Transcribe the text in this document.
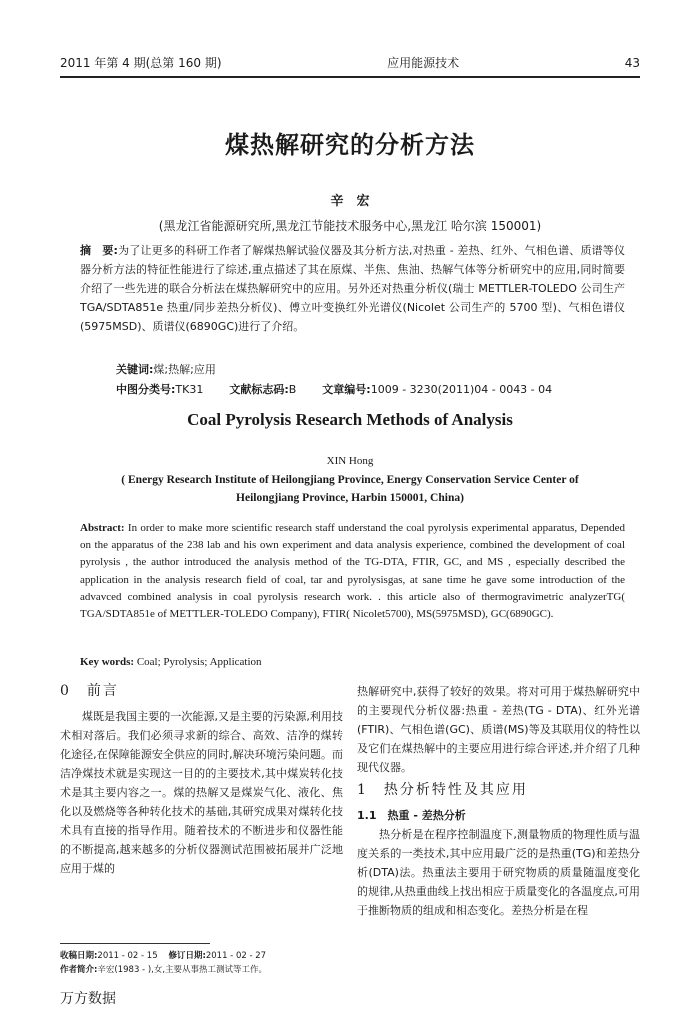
2011 年第 4 期(总第 160 期)	应用能源技术	43
煤热解研究的分析方法
辛　宏
(黑龙江省能源研究所,黑龙江节能技术服务中心,黑龙江 哈尔滨 150001)
摘　要:为了让更多的科研工作者了解煤热解试验仪器及其分析方法,对热重 - 差热、红外、气相色谱、质谱等仪器分析方法的特征性能进行了综述,重点描述了其在原煤、半焦、焦油、热解气体等分析研究中的应用,同时简要介绍了一些先进的联合分析法在煤热解研究中的应用。另外还对热重分析仪(瑞士 METTLER-TOLEDO 公司生产 TGA/SDTA851e 热重/同步差热分析仪)、傅立叶变换红外光谱仪(Nicolet 公司生产的 5700 型)、气相色谱仪(5975MSD)、质谱仪(6890GC)进行了介绍。
关键词:煤;热解;应用
中图分类号:TK31 文献标志码:B 文章编号:1009 - 3230(2011)04 - 0043 - 04
Coal Pyrolysis Research Methods of Analysis
XIN Hong
( Energy Research Institute of Heilongjiang Province, Energy Conservation Service Center of Heilongjiang Province, Harbin 150001, China)
Abstract: In order to make more scientific research staff understand the coal pyrolysis experimental apparatus, Depended on the apparatus of the 238 lab and his own experiment and data analysis experience, combined the development of coal pyrolysis , the author introduced the analysis method of the TG-DTA, FTIR, GC, and MS , especially described the application in the analysis research field of coal, tar and pyrolysisgas, at sane time he gave some introduction of the advavced combined analysis in coal pyrolysis research work. . this article also of thermogravimetric analyzerTG( TGA/SDTA851e of METTLER-TOLEDO Company), FTIR( Nicolet5700), MS(5975MSD), GC(6890GC).
Key words: Coal; Pyrolysis; Application
0　前言

煤既是我国主要的一次能源,又是主要的污染源,利用技术相对落后。我们必须寻求新的综合、高效、洁净的煤转化途径,在保障能源安全供应的同时,解决环境污染问题。而洁净煤技术就是实现这一目的的主要技术,其中煤炭转化技术是其主要内容之一。煤的热解又是煤炭气化、液化、焦化以及燃烧等各种转化技术的基础,其研究成果对煤转化技术具有直接的指导作用。随着技术的不断进步和仪器性能的不断提高,越来越多的分析仪器测试范围被拓展并广泛地应用于煤的

热解研究中,获得了较好的效果。将对可用于煤热解研究中的主要现代分析仪器:热重 - 差热(TG - DTA)、红外光谱(FTIR)、气相色谱(GC)、质谱(MS)等及其联用仪的特性以及它们在煤热解中的主要应用进行综合评述,并介绍了几种现代仪器。

1　热分析特性及其应用
1.1　热重 - 差热分析

热分析是在程序控制温度下,测量物质的物理性质与温度关系的一类技术,其中应用最广泛的是热重(TG)和差热分析(DTA)法。热重法主要用于研究物质的质量随温度变化的规律,从热重曲线上找出相应于质量变化的各温度点,可用于推断物质的组成和相态变化。差热分析是在程

收稿日期:2011 - 02 - 15 修订日期:2011 - 02 - 27
作者简介:辛宏(1983 - ),女,主要从事热工测试等工作。
万方数据
